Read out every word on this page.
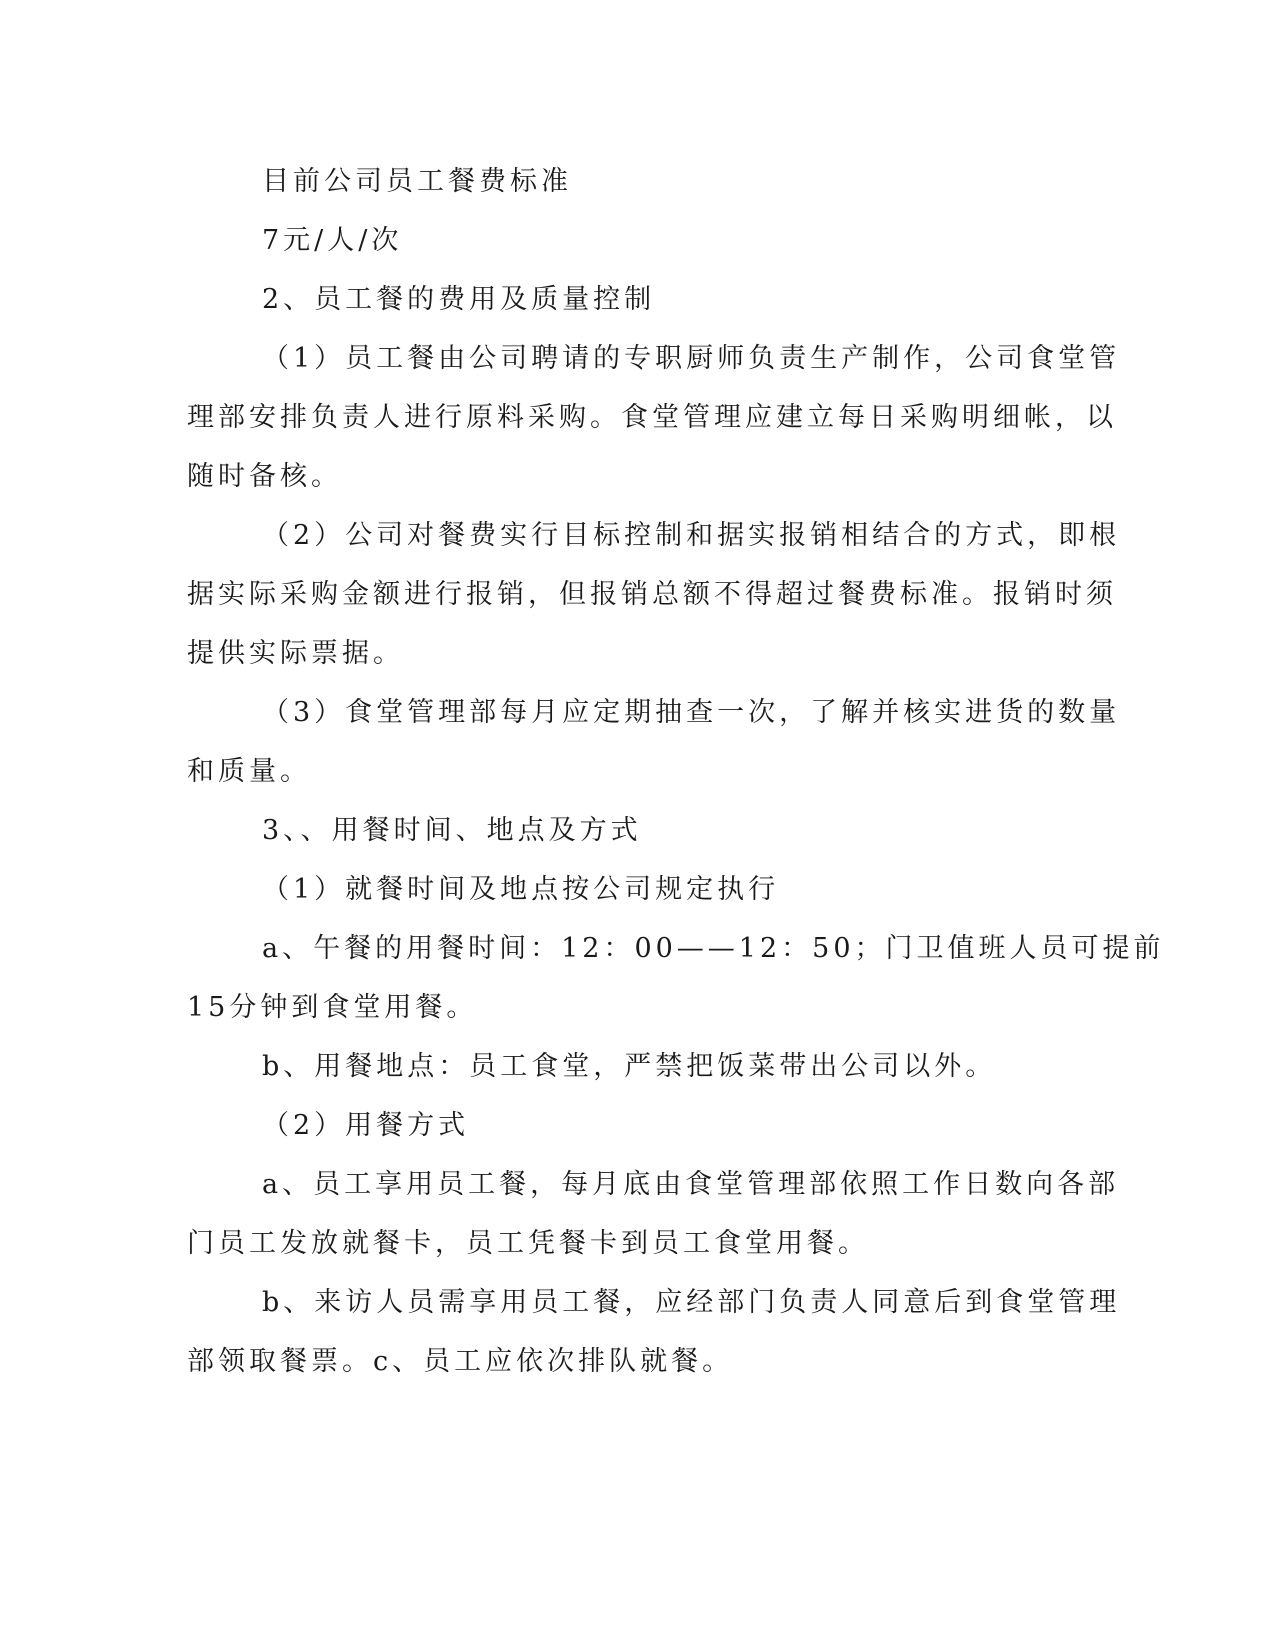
目前公司员工餐费标准
7元/人/次
2、员工餐的费用及质量控制
（1）员工餐由公司聘请的专职厨师负责生产制作，公司食堂管
理部安排负责人进行原料采购。食堂管理应建立每日采购明细帐，以
随时备核。
（2）公司对餐费实行目标控制和据实报销相结合的方式，即根
据实际采购金额进行报销，但报销总额不得超过餐费标准。报销时须
提供实际票据。
（3）食堂管理部每月应定期抽查一次，了解并核实进货的数量
和质量。
3、、用餐时间、地点及方式
（1）就餐时间及地点按公司规定执行
a、午餐的用餐时间：12：00——12：50；门卫值班人员可提前
15分钟到食堂用餐。
b、用餐地点：员工食堂，严禁把饭菜带出公司以外。
（2）用餐方式
a、员工享用员工餐，每月底由食堂管理部依照工作日数向各部
门员工发放就餐卡，员工凭餐卡到员工食堂用餐。
b、来访人员需享用员工餐，应经部门负责人同意后到食堂管理
部领取餐票。c、员工应依次排队就餐。
